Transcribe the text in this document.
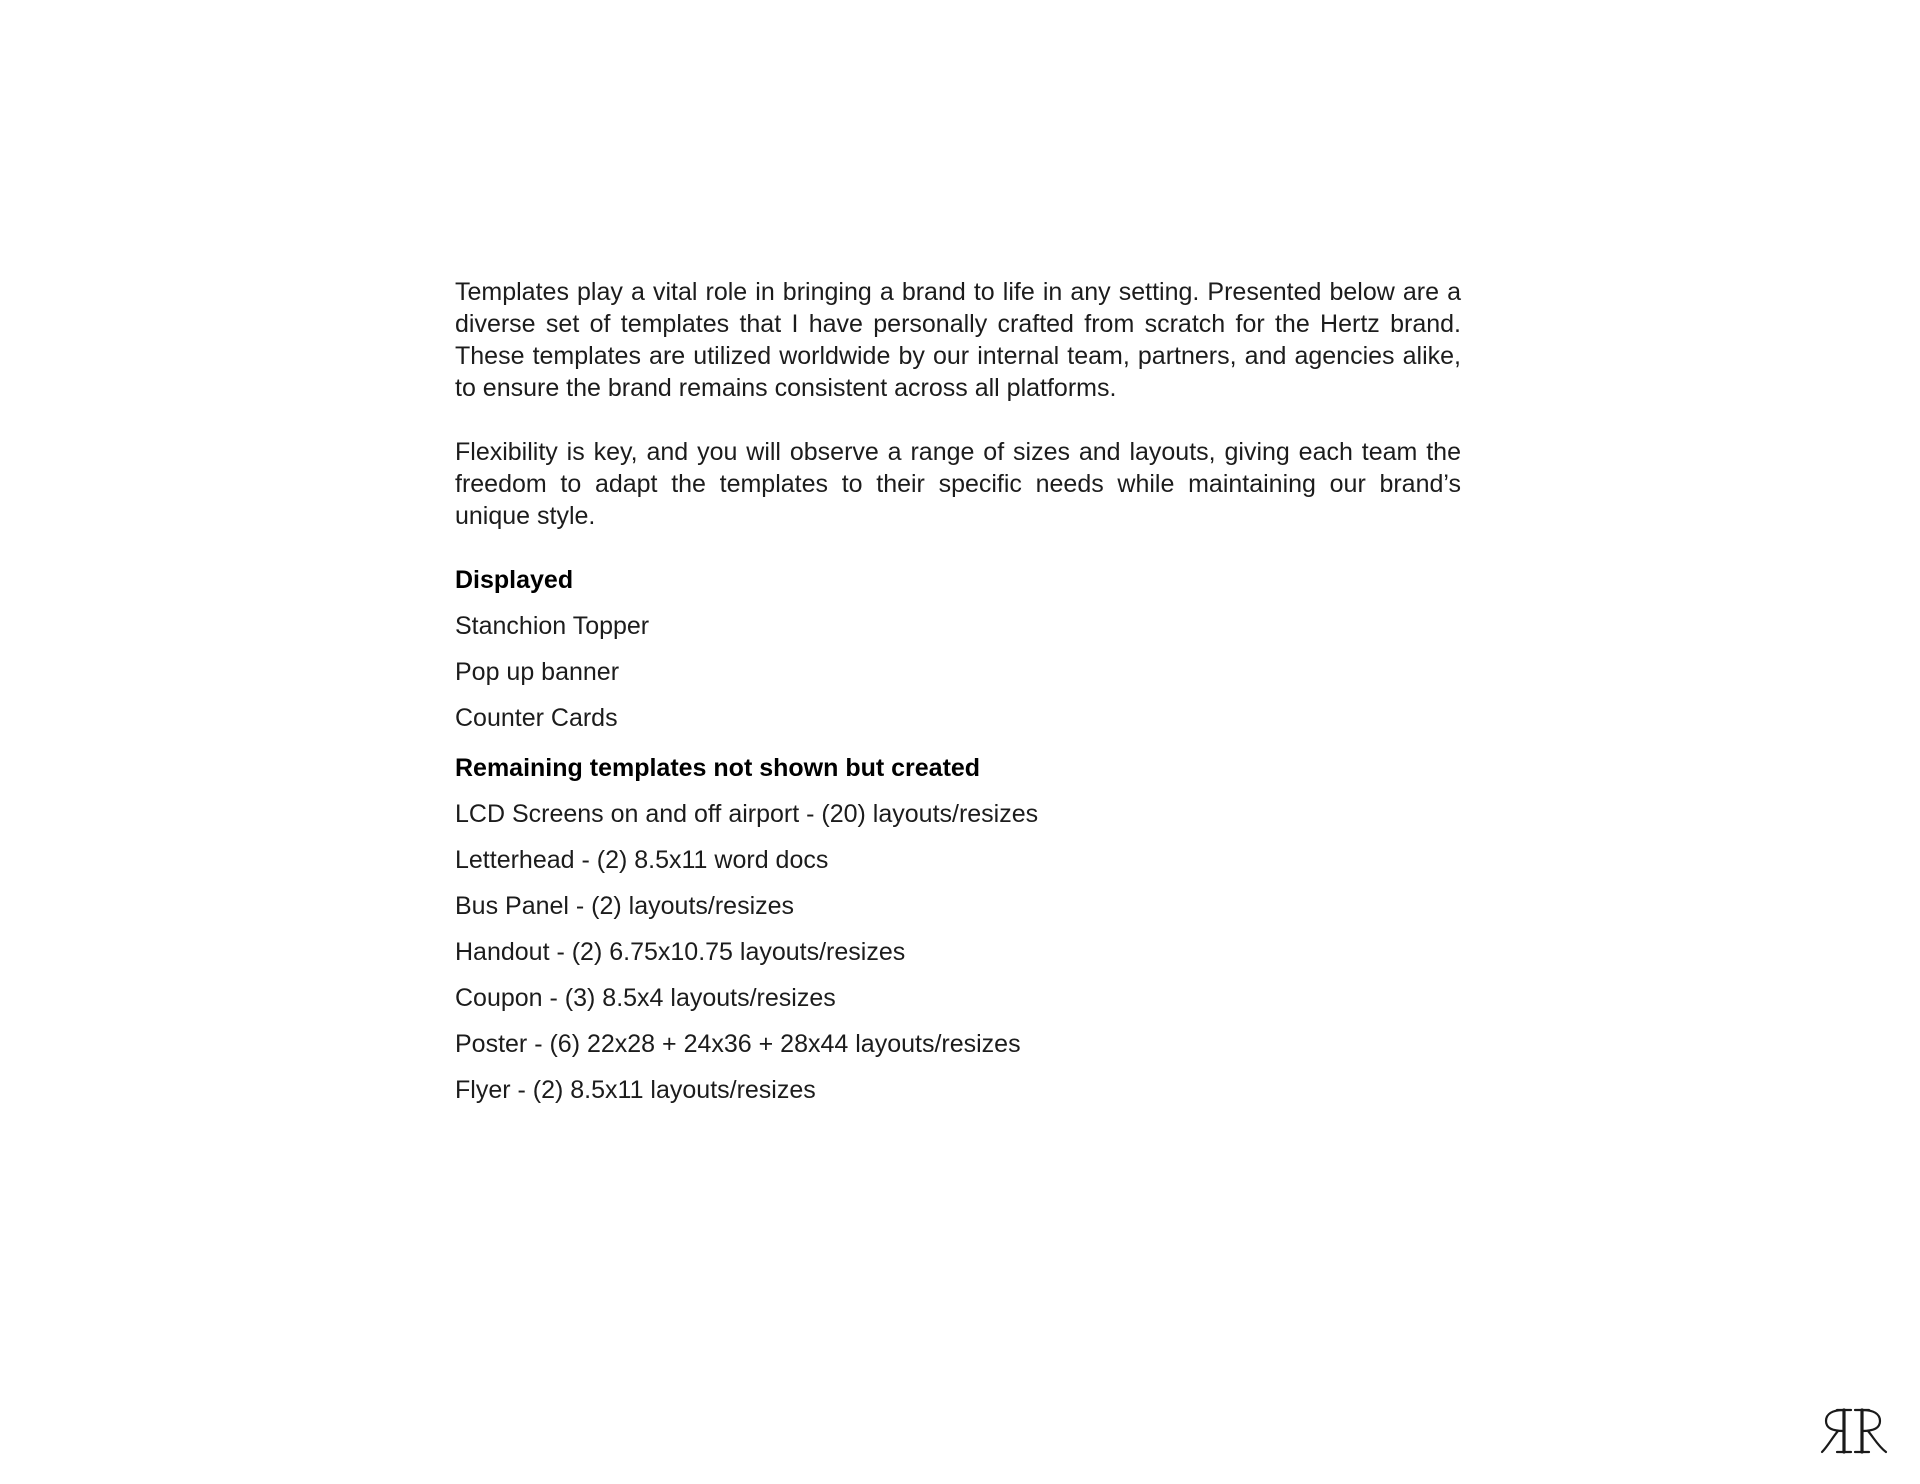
Templates play a vital role in bringing a brand to life in any setting. Presented below are a diverse set of templates that I have personally crafted from scratch for the Hertz brand. These templates are utilized worldwide by our internal team, partners, and agencies alike, to ensure the brand remains consistent across all platforms.

Flexibility is key, and you will observe a range of sizes and layouts, giving each team the freedom to adapt the templates to their specific needs while maintaining our brand’s unique style.

Displayed
Stanchion Topper
Pop up banner
Counter Cards
Remaining templates not shown but created
LCD Screens on and off airport - (20) layouts/resizes
Letterhead - (2) 8.5x11 word docs
Bus Panel - (2) layouts/resizes
Handout - (2) 6.75x10.75 layouts/resizes
Coupon - (3) 8.5x4 layouts/resizes
Poster - (6) 22x28 + 24x36 + 28x44 layouts/resizes
Flyer - (2) 8.5x11 layouts/resizes
